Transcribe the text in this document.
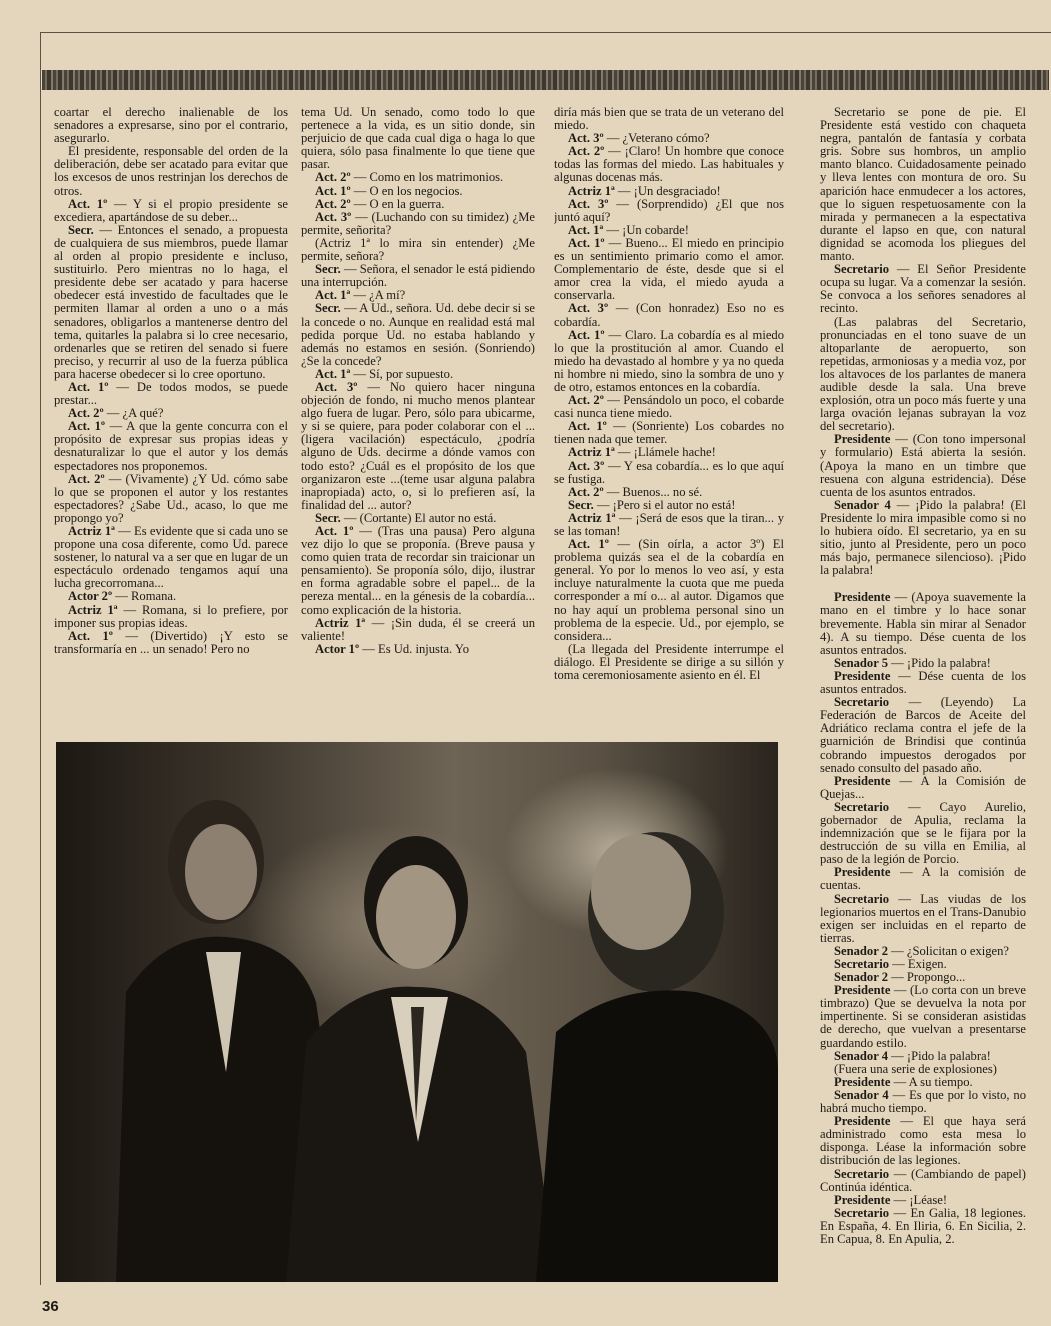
coartar el derecho inalienable de los senadores a expresarse, sino por el contrario, asegurarlo.

El presidente, responsable del orden de la deliberación, debe ser acatado para evitar que los excesos de unos restrinjan los derechos de otros.

Act. 1º — Y si el propio presidente se excediera, apartándose de su deber...

Secr. — Entonces el senado, a propuesta de cualquiera de sus miembros, puede llamar al orden al propio presidente e incluso, sustituirlo. Pero mientras no lo haga, el presidente debe ser acatado y para hacerse obedecer está investido de facultades que le permiten llamar al orden a uno o a más senadores, obligarlos a mantenerse dentro del tema, quitarles la palabra si lo cree necesario, ordenarles que se retiren del senado si fuere preciso, y recurrir al uso de la fuerza pública para hacerse obedecer si lo cree oportuno.

Act. 1º — De todos modos, se puede prestar...

Act. 2º — ¿A qué?

Act. 1º — A que la gente concurra con el propósito de expresar sus propias ideas y desnaturalizar lo que el autor y los demás espectadores nos proponemos.

Act. 2º — (Vivamente) ¿Y Ud. cómo sabe lo que se proponen el autor y los restantes espectadores? ¿Sabe Ud., acaso, lo que me propongo yo?

Actriz 1ª — Es evidente que si cada uno se propone una cosa diferente, como Ud. parece sostener, lo natural va a ser que en lugar de un espectáculo ordenado tengamos aquí una lucha grecorromana...

Actor 2º — Romana.

Actriz 1ª — Romana, si lo prefiere, por imponer sus propias ideas.

Act. 1º — (Divertido) ¡Y esto se transformaría en ... un senado! Pero no

tema Ud. Un senado, como todo lo que pertenece a la vida, es un sitio donde, sin perjuicio de que cada cual diga o haga lo que quiera, sólo pasa finalmente lo que tiene que pasar.

Act. 2º — Como en los matrimonios.

Act. 1º — O en los negocios.

Act. 2º — O en la guerra.

Act. 3º — (Luchando con su timidez) ¿Me permite, señorita?

(Actriz 1ª lo mira sin entender) ¿Me permite, señora?

Secr. — Señora, el senador le está pidiendo una interrupción.

Act. 1ª — ¿A mí?

Secr. — A Ud., señora. Ud. debe decir si se la concede o no. Aunque en realidad está mal pedida porque Ud. no estaba hablando y además no estamos en sesión. (Sonriendo) ¿Se la concede?

Act. 1ª — Sí, por supuesto.

Act. 3º — No quiero hacer ninguna objeción de fondo, ni mucho menos plantear algo fuera de lugar. Pero, sólo para ubicarme, y si se quiere, para poder colaborar con el ...(ligera vacilación) espectáculo, ¿podría alguno de Uds. decirme a dónde vamos con todo esto? ¿Cuál es el propósito de los que organizaron este ...(teme usar alguna palabra inapropiada) acto, o, si lo prefieren así, la finalidad del ... autor?

Secr. — (Cortante) El autor no está.

Act. 1º — (Tras una pausa) Pero alguna vez dijo lo que se proponía. (Breve pausa y como quien trata de recordar sin traicionar un pensamiento). Se proponía sólo, dijo, ilustrar en forma agradable sobre el papel... de la pereza mental... en la génesis de la cobardía... como explicación de la historia.

Actriz 1ª — ¡Sin duda, él se creerá un valiente!

Actor 1º — Es Ud. injusta. Yo

diría más bien que se trata de un veterano del miedo.

Act. 3º — ¿Veterano cómo?

Act. 2º — ¡Claro! Un hombre que conoce todas las formas del miedo. Las habituales y algunas docenas más.

Actriz 1ª — ¡Un desgraciado!

Act. 3º — (Sorprendido) ¿El que nos juntó aquí?

Act. 1ª — ¡Un cobarde!

Act. 1º — Bueno... El miedo en principio es un sentimiento primario como el amor. Complementario de éste, desde que si el amor crea la vida, el miedo ayuda a conservarla.

Act. 3º — (Con honradez) Eso no es cobardía.

Act. 1º — Claro. La cobardía es al miedo lo que la prostitución al amor. Cuando el miedo ha devastado al hombre y ya no queda ni hombre ni miedo, sino la sombra de uno y de otro, estamos entonces en la cobardía.

Act. 2º — Pensándolo un poco, el cobarde casi nunca tiene miedo.

Act. 1º — (Sonriente) Los cobardes no tienen nada que temer.

Actriz 1ª — ¡Llámele hache!

Act. 3º — Y esa cobardía... es lo que aquí se fustiga.

Act. 2º — Buenos... no sé.

Secr. — ¡Pero si el autor no está!

Actriz 1ª — ¡Será de esos que la tiran... y se las toman!

Act. 1º — (Sin oírla, a actor 3º) El problema quizás sea el de la cobardía en general. Yo por lo menos lo veo así, y esta incluye naturalmente la cuota que me pueda corresponder a mí o... al autor. Digamos que no hay aquí un problema personal sino un problema de la especie. Ud., por ejemplo, se considera...

(La llegada del Presidente interrumpe el diálogo. El Presidente se dirige a su sillón y toma ceremoniosamente asiento en él. El

Secretario se pone de pie. El Presidente está vestido con chaqueta negra, pantalón de fantasía y corbata gris. Sobre sus hombros, un amplio manto blanco. Cuidadosamente peinado y lleva lentes con montura de oro. Su aparición hace enmudecer a los actores, que lo siguen respetuosamente con la mirada y permanecen a la espectativa durante el lapso en que, con natural dignidad se acomoda los pliegues del manto.

Secretario — El Señor Presidente ocupa su lugar. Va a comenzar la sesión. Se convoca a los señores senadores al recinto.

(Las palabras del Secretario, pronunciadas en el tono suave de un altoparlante de aeropuerto, son repetidas, armoniosas y a media voz, por los altavoces de los parlantes de manera audible desde la sala. Una breve explosión, otra un poco más fuerte y una larga ovación lejanas subrayan la voz del secretario).

Presidente — (Con tono impersonal y formulario) Está abierta la sesión. (Apoya la mano en un timbre que resuena con alguna estridencia). Dése cuenta de los asuntos entrados.

Senador 4 — ¡Pido la palabra! (El Presidente lo mira impasible como si no lo hubiera oído. El secretario, ya en su sitio, junto al Presidente, pero un poco más bajo, permanece silencioso). ¡Pido la palabra!

Presidente — (Apoya suavemente la mano en el timbre y lo hace sonar brevemente. Habla sin mirar al Senador 4). A su tiempo. Dése cuenta de los asuntos entrados.

Senador 5 — ¡Pido la palabra!

Presidente — Dése cuenta de los asuntos entrados.

Secretario — (Leyendo) La Federación de Barcos de Aceite del Adriático reclama contra el jefe de la guarnición de Brindisi que continúa cobrando impuestos derogados por senado consulto del pasado año.

Presidente — A la Comisión de Quejas...

Secretario — Cayo Aurelio, gobernador de Apulia, reclama la indemnización que se le fijara por la destrucción de su villa en Emilia, al paso de la legión de Porcio.

Presidente — A la comisión de cuentas.

Secretario — Las viudas de los legionarios muertos en el Trans-Danubio exigen ser incluidas en el reparto de tierras.

Senador 2 — ¿Solicitan o exigen?

Secretario — Exigen.

Senador 2 — Propongo...

Presidente — (Lo corta con un breve timbrazo) Que se devuelva la nota por impertinente. Si se consideran asistidas de derecho, que vuelvan a presentarse guardando estilo.

Senador 4 — ¡Pido la palabra!

(Fuera una serie de explosiones)

Presidente — A su tiempo.

Senador 4 — Es que por lo visto, no habrá mucho tiempo.

Presidente — El que haya será administrado como esta mesa lo disponga. Léase la información sobre distribución de las legiones.

Secretario — (Cambiando de papel) Continúa idéntica.

Presidente — ¡Léase!

Secretario — En Galia, 18 legiones. En España, 4. En Iliria, 6. En Sicilia, 2. En Capua, 8. En Apulia, 2.

36
